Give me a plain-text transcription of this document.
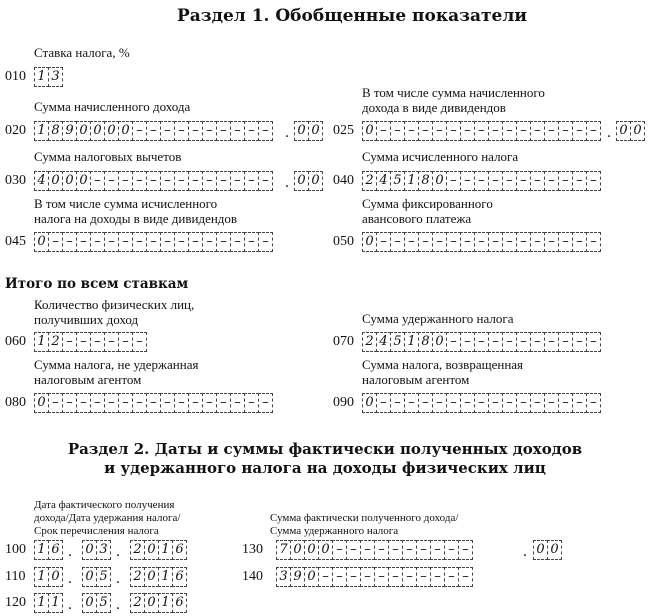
Раздел 1. Обобщенные показатели
Ставка налога, %
010 1 3
Сумма начисленного дохода
020 1 8 9 0 0 0 0 – – – – – – – – – –	. 0 0
В том числе сумма начисленного
дохода в виде дивидендов
025 0 – – – – – – – – – – – – – – – – . 0 0
Сумма налоговых вычетов
030 4 0 0 0 – – – – – – – – – – – – –	. 0 0
Сумма исчисленного налога
040 2 4 5 1 8 0 – – – – – – – – – – –
В том числе сумма исчисленного
налога на доходы в виде дивидендов
045 0 – – – – – – – – – – – – – – – –
Сумма фиксированного
авансового платежа
050 0 – – – – – – – – – – – – – – – –
Итого по всем ставкам
Количество физических лиц,
получивших доход
060 1 2 – – – – – –
Сумма удержанного налога
070 2 4 5 1 8 0 – – – – – – – – – – –
Сумма налога, не удержанная
налоговым агентом
080 0 – – – – – – – – – – – – – – – –
Сумма налога, возвращенная
налоговым агентом
090 0 – – – – – – – – – – – – – – – –
Раздел 2. Даты и суммы фактически полученных доходов
и удержанного налога на доходы физических лиц
Дата фактического получения
дохода/Дата удержания налога/
Срок перечисления налога
Сумма фактически полученного дохода/
Сумма удержанного налога
100 1 6 .	0 3 .	2 0 1 6
110 1 0 .	0 5 .	2 0 1 6
120 1 1 .	0 5 .	2 0 1 6
130 7 0 0 0 – – – – – – – – – –	. 0 0
140 3 9 0 – – – – – – – – – – –
